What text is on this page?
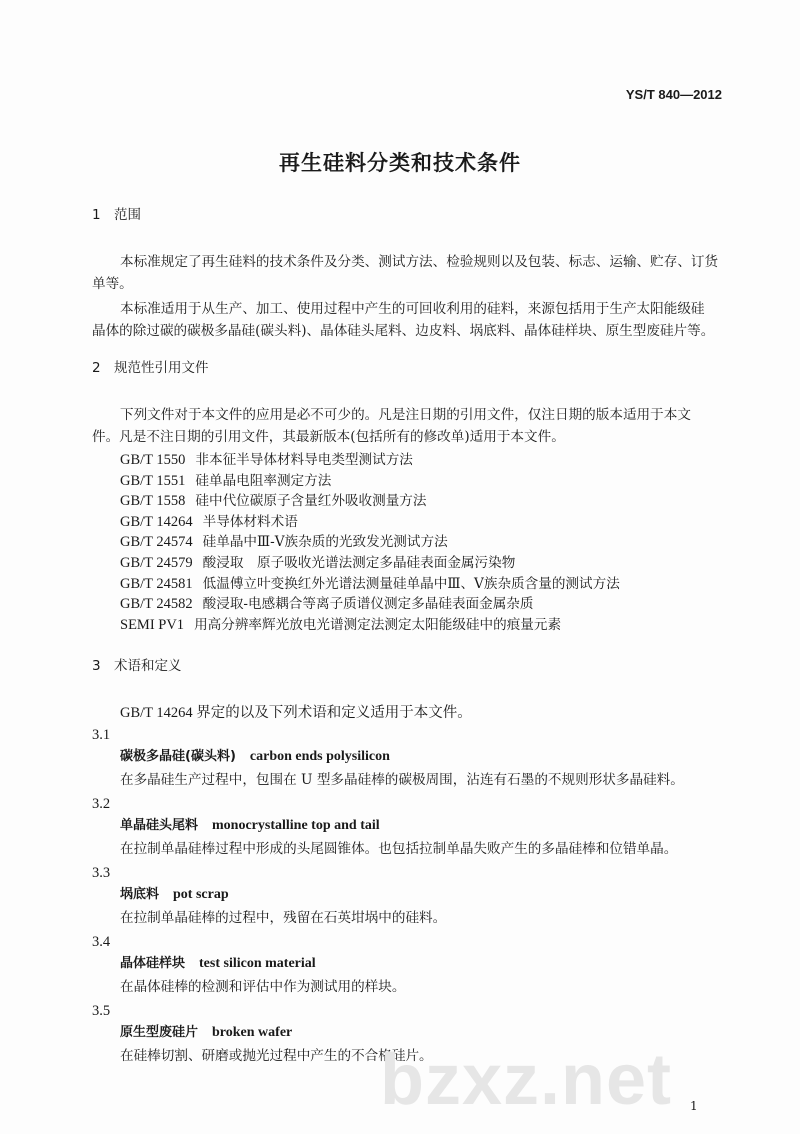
YS/T 840—2012
再生硅料分类和技术条件
1 范围
本标准规定了再生硅料的技术条件及分类、测试方法、检验规则以及包装、标志、运输、贮存、订货
单等。
本标准适用于从生产、加工、使用过程中产生的可回收利用的硅料，来源包括用于生产太阳能级硅
晶体的除过碳的碳极多晶硅(碳头料)、晶体硅头尾料、边皮料、埚底料、晶体硅样块、原生型废硅片等。
2 规范性引用文件
下列文件对于本文件的应用是必不可少的。凡是注日期的引用文件，仅注日期的版本适用于本文
件。凡是不注日期的引用文件，其最新版本(包括所有的修改单)适用于本文件。
GB/T 1550 非本征半导体材料导电类型测试方法
GB/T 1551 硅单晶电阻率测定方法
GB/T 1558 硅中代位碳原子含量红外吸收测量方法
GB/T 14264 半导体材料术语
GB/T 24574 硅单晶中Ⅲ-Ⅴ族杂质的光致发光测试方法
GB/T 24579 酸浸取　原子吸收光谱法测定多晶硅表面金属污染物
GB/T 24581 低温傅立叶变换红外光谱法测量硅单晶中Ⅲ、Ⅴ族杂质含量的测试方法
GB/T 24582 酸浸取-电感耦合等离子质谱仪测定多晶硅表面金属杂质
SEMI PV1 用高分辨率辉光放电光谱测定法测定太阳能级硅中的痕量元素
3 术语和定义
GB/T 14264 界定的以及下列术语和定义适用于本文件。
3.1
碳极多晶硅(碳头料) carbon ends polysilicon
在多晶硅生产过程中，包围在 U 型多晶硅棒的碳极周围，沾连有石墨的不规则形状多晶硅料。
3.2
单晶硅头尾料 monocrystalline top and tail
在拉制单晶硅棒过程中形成的头尾圆锥体。也包括拉制单晶失败产生的多晶硅棒和位错单晶。
3.3
埚底料 pot scrap
在拉制单晶硅棒的过程中，残留在石英坩埚中的硅料。
3.4
晶体硅样块 test silicon material
在晶体硅棒的检测和评估中作为测试用的样块。
3.5
原生型废硅片 broken wafer
在硅棒切割、研磨或抛光过程中产生的不合格硅片。
1
bzxz.net
